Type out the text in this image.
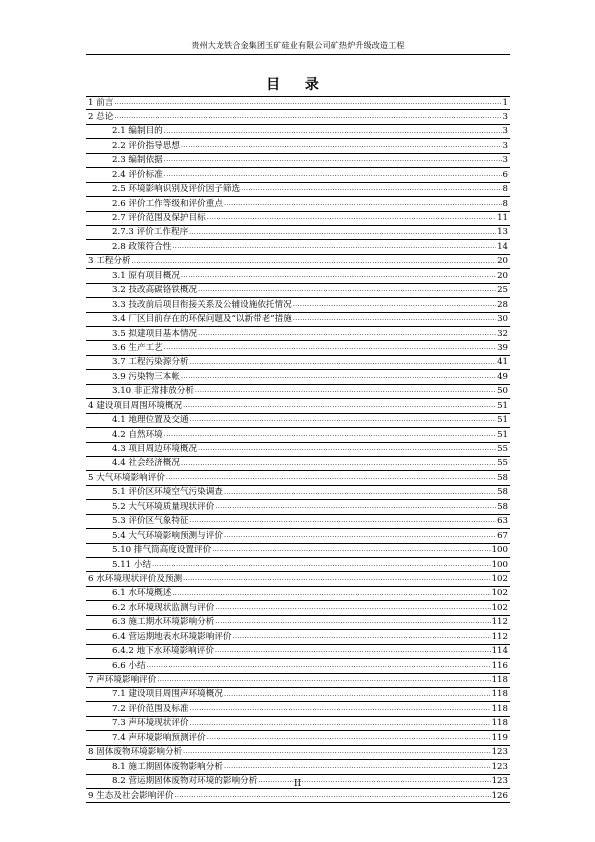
贵州大龙铁合金集团玉矿硅业有限公司矿热炉升级改造工程
目 录
1 前言 .....	1
2 总论 .....	3
2.1 编制目的 .....	3
2.2 评价指导思想 .....	3
2.3 编制依据 .....	3
2.4 评价标准 .....	6
2.5 环境影响识别及评价因子筛选 .....	8
2.6 评价工作等级和评价重点 .....	8
2.7 评价范围及保护目标 .....	11
2.7.3 评价工作程序 .....	13
2.8 政策符合性 .....	14
3 工程分析 .....	20
3.1 原有项目概况 .....	20
3.2 技改高碳铬铁概况 .....	25
3.3 技改前后项目衔接关系及公辅设施依托情况 .....	28
3.4 厂区目前存在的环保问题及“以新带老”措施 .....	30
3.5 拟建项目基本情况 .....	32
3.6 生产工艺 .....	39
3.7 工程污染源分析 .....	41
3.9 污染物三本帐 .....	49
3.10 非正常排放分析 .....	50
4 建设项目周围环境概况 .....	51
4.1 地理位置及交通 .....	51
4.2 自然环境 .....	51
4.3 项目周边环境概况 .....	55
4.4 社会经济概况 .....	55
5 大气环境影响评价 .....	58
5.1 评价区环境空气污染调查 .....	58
5.2 大气环境质量现状评价 .....	58
5.3 评价区气象特征 .....	63
5.4 大气环境影响预测与评价 .....	67
5.10 排气筒高度设置评价 .....	100
5.11 小结 .....	100
6 水环境现状评价及预测 .....	102
6.1 水环境概述 .....	102
6.2 水环境现状监测与评价 .....	102
6.3 施工期水环境影响分析 .....	112
6.4 营运期地表水环境影响评价 .....	112
6.4.2 地下水环境影响评价 .....	114
6.6 小结 .....	116
7 声环境影响评价 .....	118
7.1 建设项目周围声环境概况 .....	118
7.2 评价范围及标准 .....	118
7.3 声环境现状评价 .....	118
7.4 声环境影响预测评价 .....	119
8 固体废物环境影响分析 .....	123
8.1 施工期固体废物影响分析 .....	123
8.2 营运期固体废物对环境的影响分析 .....	123
9 生态及社会影响评价 .....	126
II
